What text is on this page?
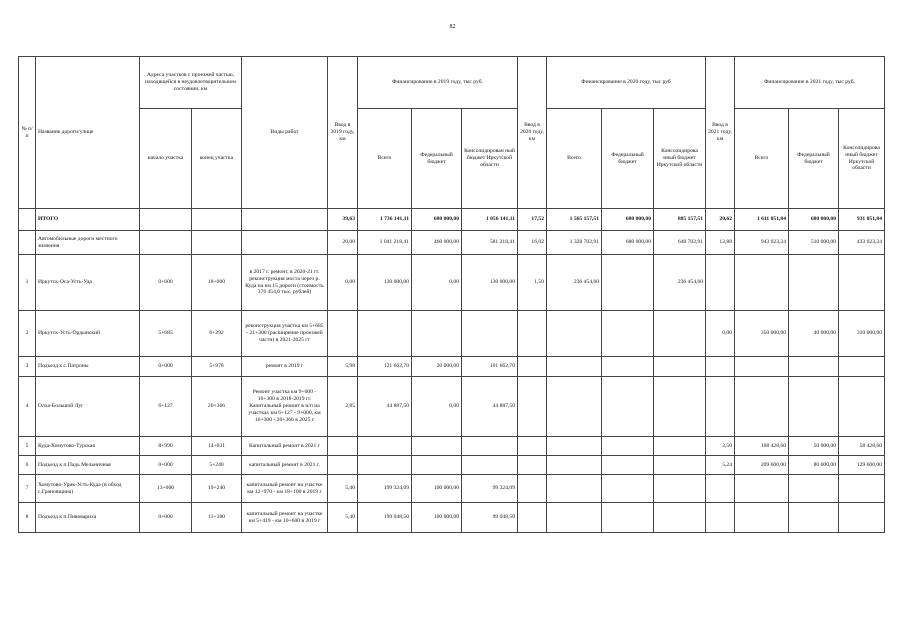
82
№ п/п	Название дороги/улице	Адреса участков с проезжей частью, находящейся в неудовлетворительном состоянии, км		Виды работ	Ввод в 2019 году, км	Финансирование в 2019 году, тыс руб.			Ввод в 2020 году, км	Финансирование в 2020 году, тыс руб			Ввод в 2021 году, км	Финансирование в 2021 году, тыс руб.		
		начало участка	конец участка			Всего	Федеральный бюджет	Консолидирован ный бюджет Иркутской области		Всего	Федеральный бюджет	Консолидирова нный бюджет Иркутской области		Всего	Федеральный бюджет	Консолидирова нный бюджет Иркутской области
	ИТОГО				39,63	1 736 141,11	680 000,00	1 056 141,11	17,52	1 565 157,51	680 000,00	885 157,51	20,62	1 611 051,84	680 000,00	931 051,84
	Автомобильные дороги местного значения				20,00	1 041 218,41	460 000,00	581 218,41	16,02	1 328 702,91	680 000,00	648 702,91	12,88	943 023,24	510 000,00	433 023,24
1	Иркутск-Оса-Усть-Уда	0+600	18+000	в 2017 г. ремонт, в 2020-21 гг. реконструкция моста через р. Куда на км 15 дороги (стоимость 376 454,6 тыс. рублей)	0,00	130 000,00	0,00	130 000,00	1,50	236 454,60		236 454,60				
2	Иркутск-Усть-Ордынский	5+685	6+292	реконструкция участка км 5+685 - 21+300 (расширение проезжей части) в 2021-2025 гг									0,00	350 000,00	40 000,00	310 000,00
3	Подъезд к с.Патроны	0+000	5+978	ремонт в 2019 г	5,98	121 662,70	20 000,00	101 662,70								
4	Олха-Большой Луг	6+127	20+366	Ремонт участка км 9+000 - 16+300 в 2018-2019 гг. Капитальный ремонт в н/п на участках км 6+127 - 9+000, км 16+300 - 20+366 в 2025 г	2,85	44 887,50	0,00	44 887,50								
5	Куда-Хомутово-Турская	8+990	14+031	Капитальный ремонт в 2021 г									2,50	108 428,60	50 000,00	58 428,60
6	Подъезд к п.Падь Мельничная	0+000	5+240	капитальный ремонт в 2021 г.									5,24	209 600,00	80 000,00	129 600,00
7	Хомутово-Урик-Усть-Куда (в обход с.Грановщина)	13+000	19+240	капитальный ремонт на участке км 12+970 - км 18+100 в 2019 г	5,40	199 324,09	100 000,00	99 324,09								
8	Подъезд к п.Пивовариха	0+000	11+180	капитальный ремонт на участке км 5+419 - км 10+600 в 2019 г	5,40	199 048,50	100 000,00	99 048,50								
